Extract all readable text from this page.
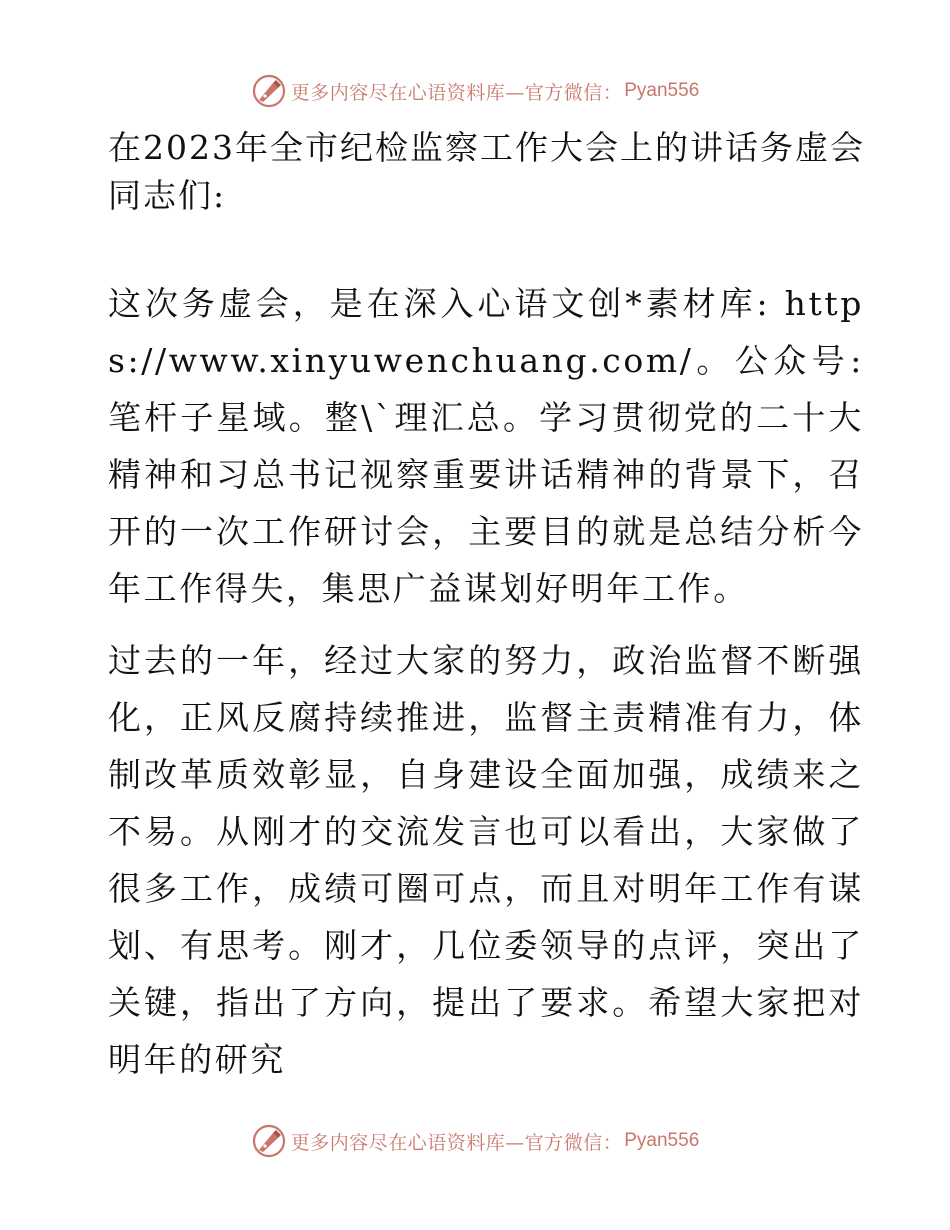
更多内容尽在心语资料库—官方微信： Pyan556
在2023年全市纪检监察工作大会上的讲话务虚会
同志们:
这次务虚会，是在深入心语文创*素材库: https://www.xinyuwenchuang.com/。公众号: 笔杆子星域。整\`理汇总。学习贯彻党的二十大精神和习总书记视察重要讲话精神的背景下，召开的一次工作研讨会，主要目的就是总结分析今年工作得失，集思广益谋划好明年工作。
过去的一年，经过大家的努力，政治监督不断强化，正风反腐持续推进，监督主责精准有力，体制改革质效彰显，自身建设全面加强，成绩来之不易。从刚才的交流发言也可以看出，大家做了很多工作，成绩可圈可点，而且对明年工作有谋划、有思考。刚才，几位委领导的点评，突出了关键，指出了方向，提出了要求。希望大家把对明年的研究
更多内容尽在心语资料库—官方微信： Pyan556
